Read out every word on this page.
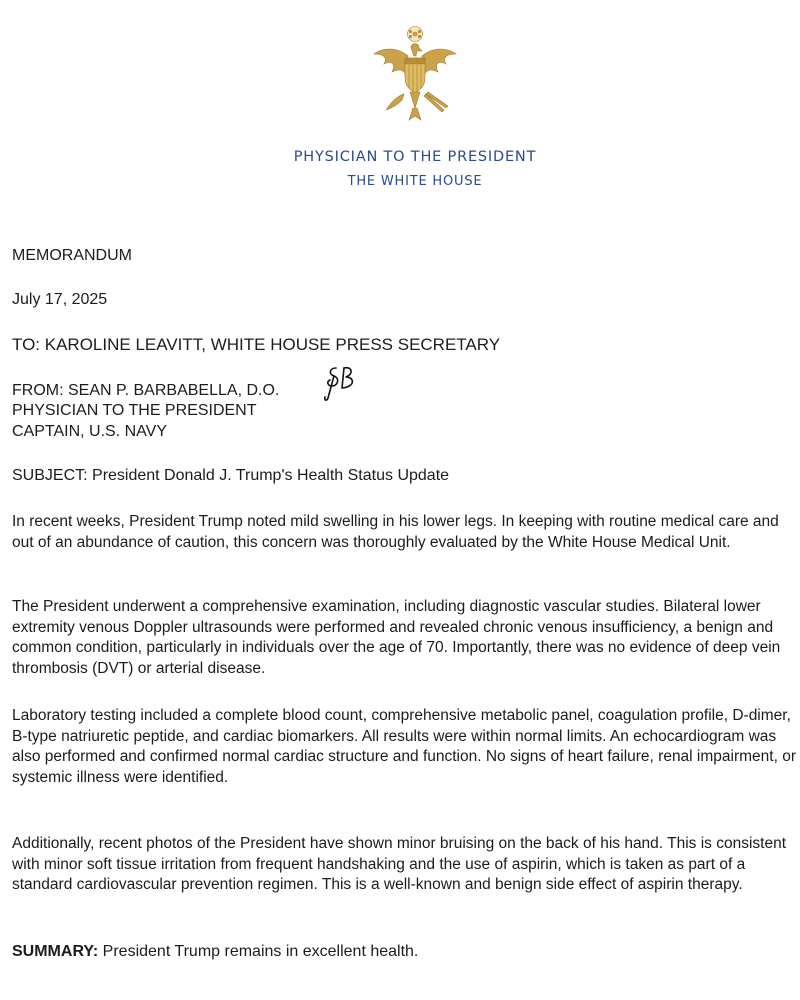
PHYSICIAN TO THE PRESIDENT
THE WHITE HOUSE
MEMORANDUM
July 17, 2025
TO: KAROLINE LEAVITT, WHITE HOUSE PRESS SECRETARY
FROM: SEAN P. BARBABELLA, D.O.
PHYSICIAN TO THE PRESIDENT
CAPTAIN, U.S. NAVY
SUBJECT: President Donald J. Trump's Health Status Update

In recent weeks, President Trump noted mild swelling in his lower legs. In keeping with routine medical care and out of an abundance of caution, this concern was thoroughly evaluated by the White House Medical Unit.

The President underwent a comprehensive examination, including diagnostic vascular studies. Bilateral lower extremity venous Doppler ultrasounds were performed and revealed chronic venous insufficiency, a benign and common condition, particularly in individuals over the age of 70. Importantly, there was no evidence of deep vein thrombosis (DVT) or arterial disease.

Laboratory testing included a complete blood count, comprehensive metabolic panel, coagulation profile, D-dimer, B-type natriuretic peptide, and cardiac biomarkers. All results were within normal limits. An echocardiogram was also performed and confirmed normal cardiac structure and function. No signs of heart failure, renal impairment, or systemic illness were identified.

Additionally, recent photos of the President have shown minor bruising on the back of his hand. This is consistent with minor soft tissue irritation from frequent handshaking and the use of aspirin, which is taken as part of a standard cardiovascular prevention regimen. This is a well-known and benign side effect of aspirin therapy.

SUMMARY: President Trump remains in excellent health.
